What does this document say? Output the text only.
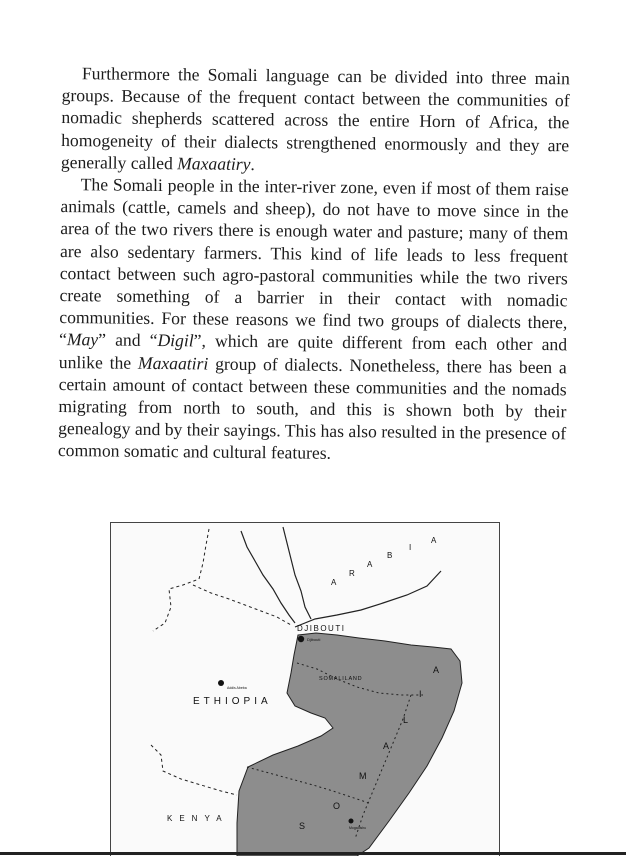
Furthermore the Somali language can be divided into three main groups. Because of the frequent contact between the communities of nomadic shepherds scattered across the entire Horn of Africa, the homogeneity of their dialects strengthened enormously and they are generally called Maxaatiry.

The Somali people in the inter-river zone, even if most of them raise animals (cattle, camels and sheep), do not have to move since in the area of the two rivers there is enough water and pasture; many of them are also sedentary farmers. This kind of life leads to less frequent contact between such agro-pastoral communities while the two rivers create something of a barrier in their contact with nomadic communities. For these reasons we find two groups of dialects there, “May” and “Digil”, which are quite different from each other and unlike the Maxaatiri group of dialects. Nonetheless, there has been a certain amount of contact between these communities and the nomads migrating from north to south, and this is shown both by their genealogy and by their sayings. This has also resulted in the presence of common somatic and cultural features.

A
R
A
B
I
A
DJIBOUTI
Djibouti
SOMALILAND
Addis Abeba
ETHIOPIA
KENYA
S
O
M
A
L
I
A
Mogadishu
